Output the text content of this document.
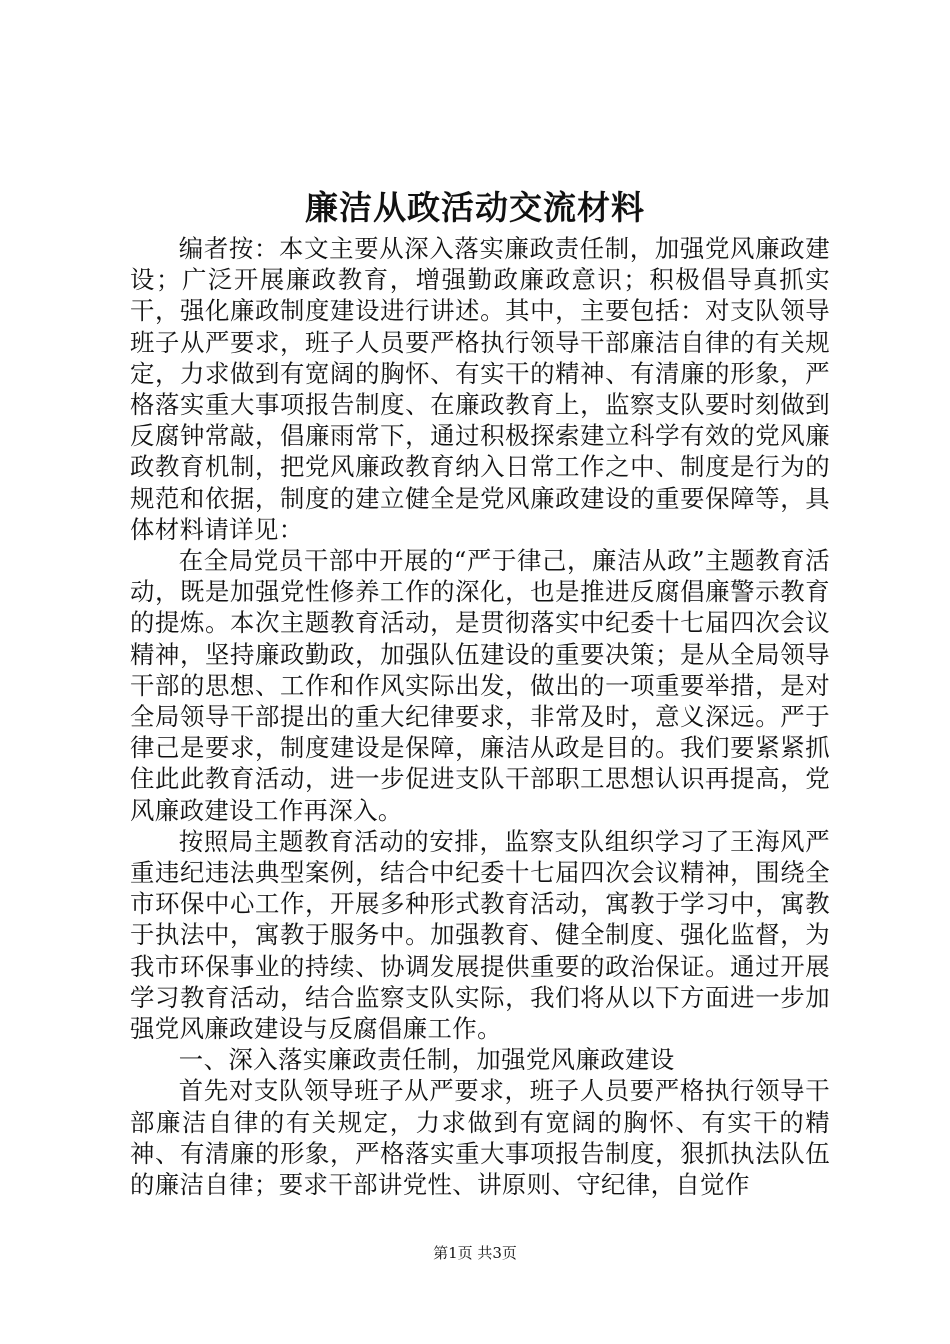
廉洁从政活动交流材料

编者按：本文主要从深入落实廉政责任制，加强党风廉政建设；广泛开展廉政教育，增强勤政廉政意识；积极倡导真抓实干，强化廉政制度建设进行讲述。其中，主要包括：对支队领导班子从严要求，班子人员要严格执行领导干部廉洁自律的有关规定，力求做到有宽阔的胸怀、有实干的精神、有清廉的形象，严格落实重大事项报告制度、在廉政教育上，监察支队要时刻做到反腐钟常敲，倡廉雨常下，通过积极探索建立科学有效的党风廉政教育机制，把党风廉政教育纳入日常工作之中、制度是行为的规范和依据，制度的建立健全是党风廉政建设的重要保障等，具体材料请详见：

在全局党员干部中开展的“严于律己，廉洁从政”主题教育活动，既是加强党性修养工作的深化，也是推进反腐倡廉警示教育的提炼。本次主题教育活动，是贯彻落实中纪委十七届四次会议精神，坚持廉政勤政，加强队伍建设的重要决策；是从全局领导干部的思想、工作和作风实际出发，做出的一项重要举措，是对全局领导干部提出的重大纪律要求，非常及时，意义深远。严于律己是要求，制度建设是保障，廉洁从政是目的。我们要紧紧抓住此此教育活动，进一步促进支队干部职工思想认识再提高，党风廉政建设工作再深入。

按照局主题教育活动的安排，监察支队组织学习了王海风严重违纪违法典型案例，结合中纪委十七届四次会议精神，围绕全市环保中心工作，开展多种形式教育活动，寓教于学习中，寓教于执法中，寓教于服务中。加强教育、健全制度、强化监督，为我市环保事业的持续、协调发展提供重要的政治保证。通过开展学习教育活动，结合监察支队实际，我们将从以下方面进一步加强党风廉政建设与反腐倡廉工作。

一、深入落实廉政责任制，加强党风廉政建设

首先对支队领导班子从严要求，班子人员要严格执行领导干部廉洁自律的有关规定，力求做到有宽阔的胸怀、有实干的精神、有清廉的形象，严格落实重大事项报告制度，狠抓执法队伍的廉洁自律；要求干部讲党性、讲原则、守纪律，自觉作

第1页 共3页
